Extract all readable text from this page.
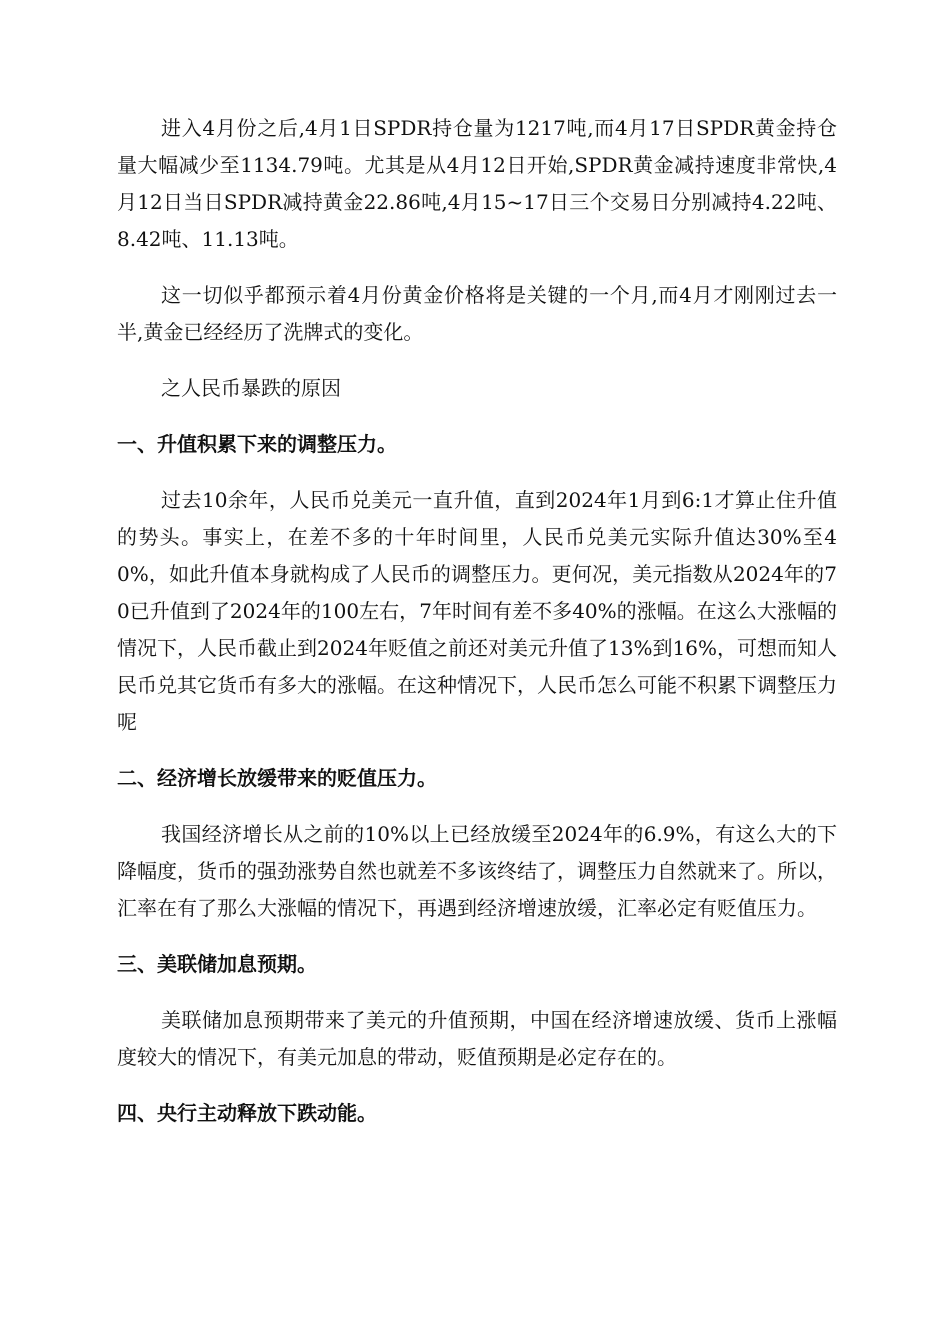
进入4月份之后,4月1日SPDR持仓量为1217吨,而4月17日SPDR黄金持仓量大幅减少至1134.79吨。尤其是从4月12日开始,SPDR黄金减持速度非常快,4月12日当日SPDR减持黄金22.86吨,4月15~17日三个交易日分别减持4.22吨、8.42吨、11.13吨。

这一切似乎都预示着4月份黄金价格将是关键的一个月,而4月才刚刚过去一半,黄金已经经历了洗牌式的变化。

之人民币暴跌的原因

一、升值积累下来的调整压力。

过去10余年，人民币兑美元一直升值，直到2024年1月到6:1才算止住升值的势头。事实上，在差不多的十年时间里，人民币兑美元实际升值达30%至40%，如此升值本身就构成了人民币的调整压力。更何况，美元指数从2024年的70已升值到了2024年的100左右，7年时间有差不多40%的涨幅。在这么大涨幅的情况下，人民币截止到2024年贬值之前还对美元升值了13%到16%，可想而知人民币兑其它货币有多大的涨幅。在这种情况下，人民币怎么可能不积累下调整压力呢

二、经济增长放缓带来的贬值压力。

我国经济增长从之前的10%以上已经放缓至2024年的6.9%，有这么大的下降幅度，货币的强劲涨势自然也就差不多该终结了，调整压力自然就来了。所以，汇率在有了那么大涨幅的情况下，再遇到经济增速放缓，汇率必定有贬值压力。

三、美联储加息预期。

美联储加息预期带来了美元的升值预期，中国在经济增速放缓、货币上涨幅度较大的情况下，有美元加息的带动，贬值预期是必定存在的。

四、央行主动释放下跌动能。
